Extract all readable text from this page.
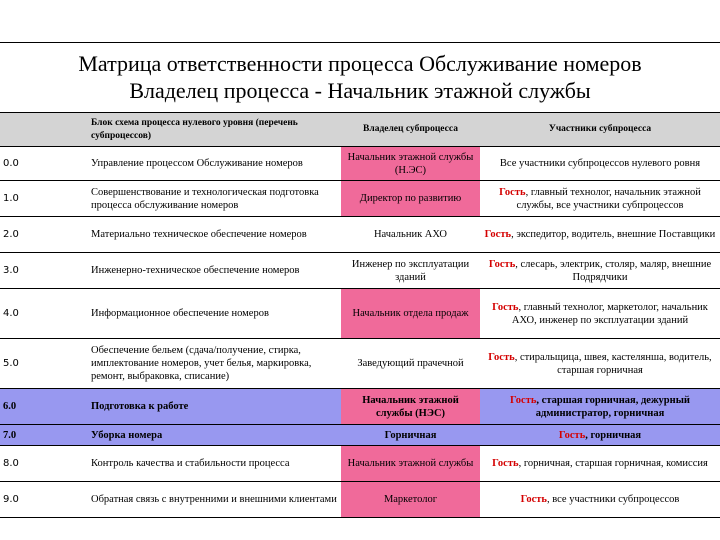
Матрица ответственности процесса Обслуживание номеров
Владелец процесса - Начальник этажной службы
	Блок схема процесса нулевого уровня (перечень субпроцессов)	Владелец субпроцесса	Участники субпроцесса
0.0	Управление процессом Обслуживание номеров	Начальник этажной службы (Н.ЭС)	Все участники субпроцессов нулевого ровня
1.0	Совершенствование и технологическая подготовка процесса обслуживание номеров	Директор по развитию	Гость, главный технолог, начальник этажной службы, все участники субпроцессов
2.0	Материально техническое обеспечение номеров	Начальник АХО	Гость, экспедитор, водитель, внешние Поставщики
3.0	Инженерно-техническое обеспечение номеров	Инженер по эксплуатации зданий	Гость, слесарь, электрик, столяр, маляр, внешние Подрядчики
4.0	Информационное обеспечение номеров	Начальник отдела продаж	Гость, главный технолог, маркетолог, начальник АХО, инженер по эксплуатации зданий
5.0	Обеспечение бельем (сдача/получение, стирка, имплектование номеров, учет белья, маркировка, ремонт, выбраковка, списание)	Заведующий прачечной	Гость, стиральщица, швея, кастелянша, водитель, старшая горничная
6.0	Подготовка к работе	Начальник этажной службы (НЭС)	Гость, старшая горничная, дежурный администратор, горничная
7.0	Уборка номера	Горничная	Гость, горничная
8.0	Контроль качества и стабильности процесса	Начальник этажной службы	Гость, горничная, старшая горничная, комиссия
9.0	Обратная связь с внутренними и внешними клиентами	Маркетолог	Гость, все участники субпроцессов
